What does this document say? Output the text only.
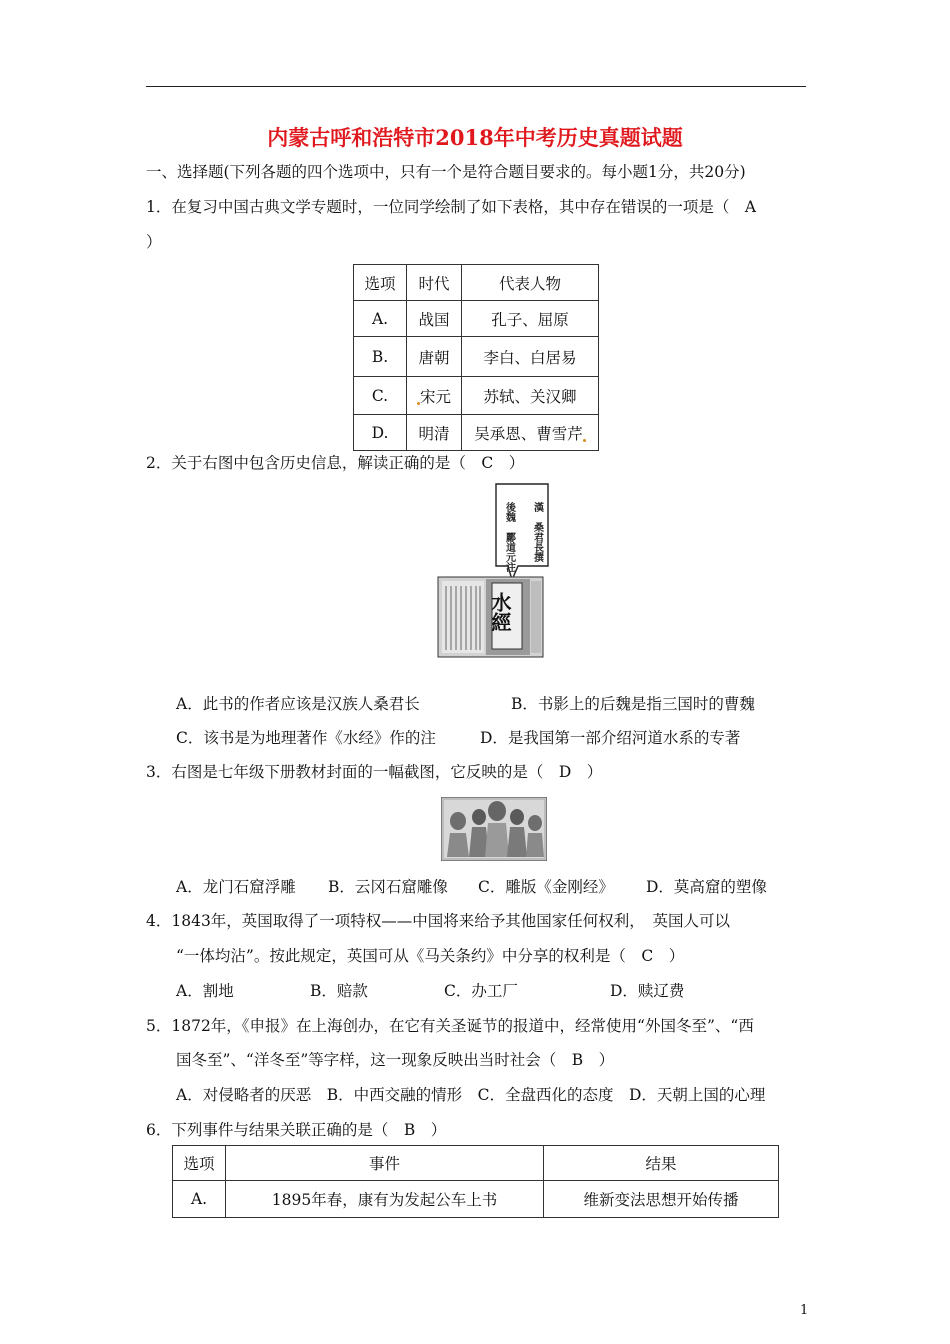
内蒙古呼和浩特市2018年中考历史真题试题
一、选择题(下列各题的四个选项中，只有一个是符合题目要求的。每小题1分，共20分)
1．在复习中国古典文学专题时，一位同学绘制了如下表格，其中存在错误的一项是（　A
）
选项	时代	代表人物
A.	战国	孔子、屈原
B.	唐朝	李白、白居易
C.	宋元	苏轼、关汉卿
D.	明清	吴承恩、曹雪芹
2．关于右图中包含历史信息，解读正确的是（　C　）
漢　桑君長撰
後魏　酈道元注
水經
A．此书的作者应该是汉族人桑君长	B．书影上的后魏是指三国时的曹魏
C．该书是为地理著作《水经》作的注	D．是我国第一部介绍河道水系的专著
3．右图是七年级下册教材封面的一幅截图，它反映的是（　D　）
A．龙门石窟浮雕 B．云冈石窟雕像 C．雕版《金刚经》 D．莫高窟的塑像
4．1843年，英国取得了一项特权——中国将来给予其他国家任何权利，　英国人可以
“一体均沾”。按此规定，英国可从《马关条约》中分享的权利是（　C　）
A．割地	B．赔款	C．办工厂	D．赎辽费
5．1872年，《申报》在上海创办，在它有关圣诞节的报道中，经常使用“外国冬至”、“西
国冬至”、“洋冬至”等字样，这一现象反映出当时社会（　B　）
A．对侵略者的厌恶　B．中西交融的情形　C．全盘西化的态度　D．天朝上国的心理
6．下列事件与结果关联正确的是（　B　）
选项	事件	结果
A.	1895年春，康有为发起公车上书	维新变法思想开始传播
1
